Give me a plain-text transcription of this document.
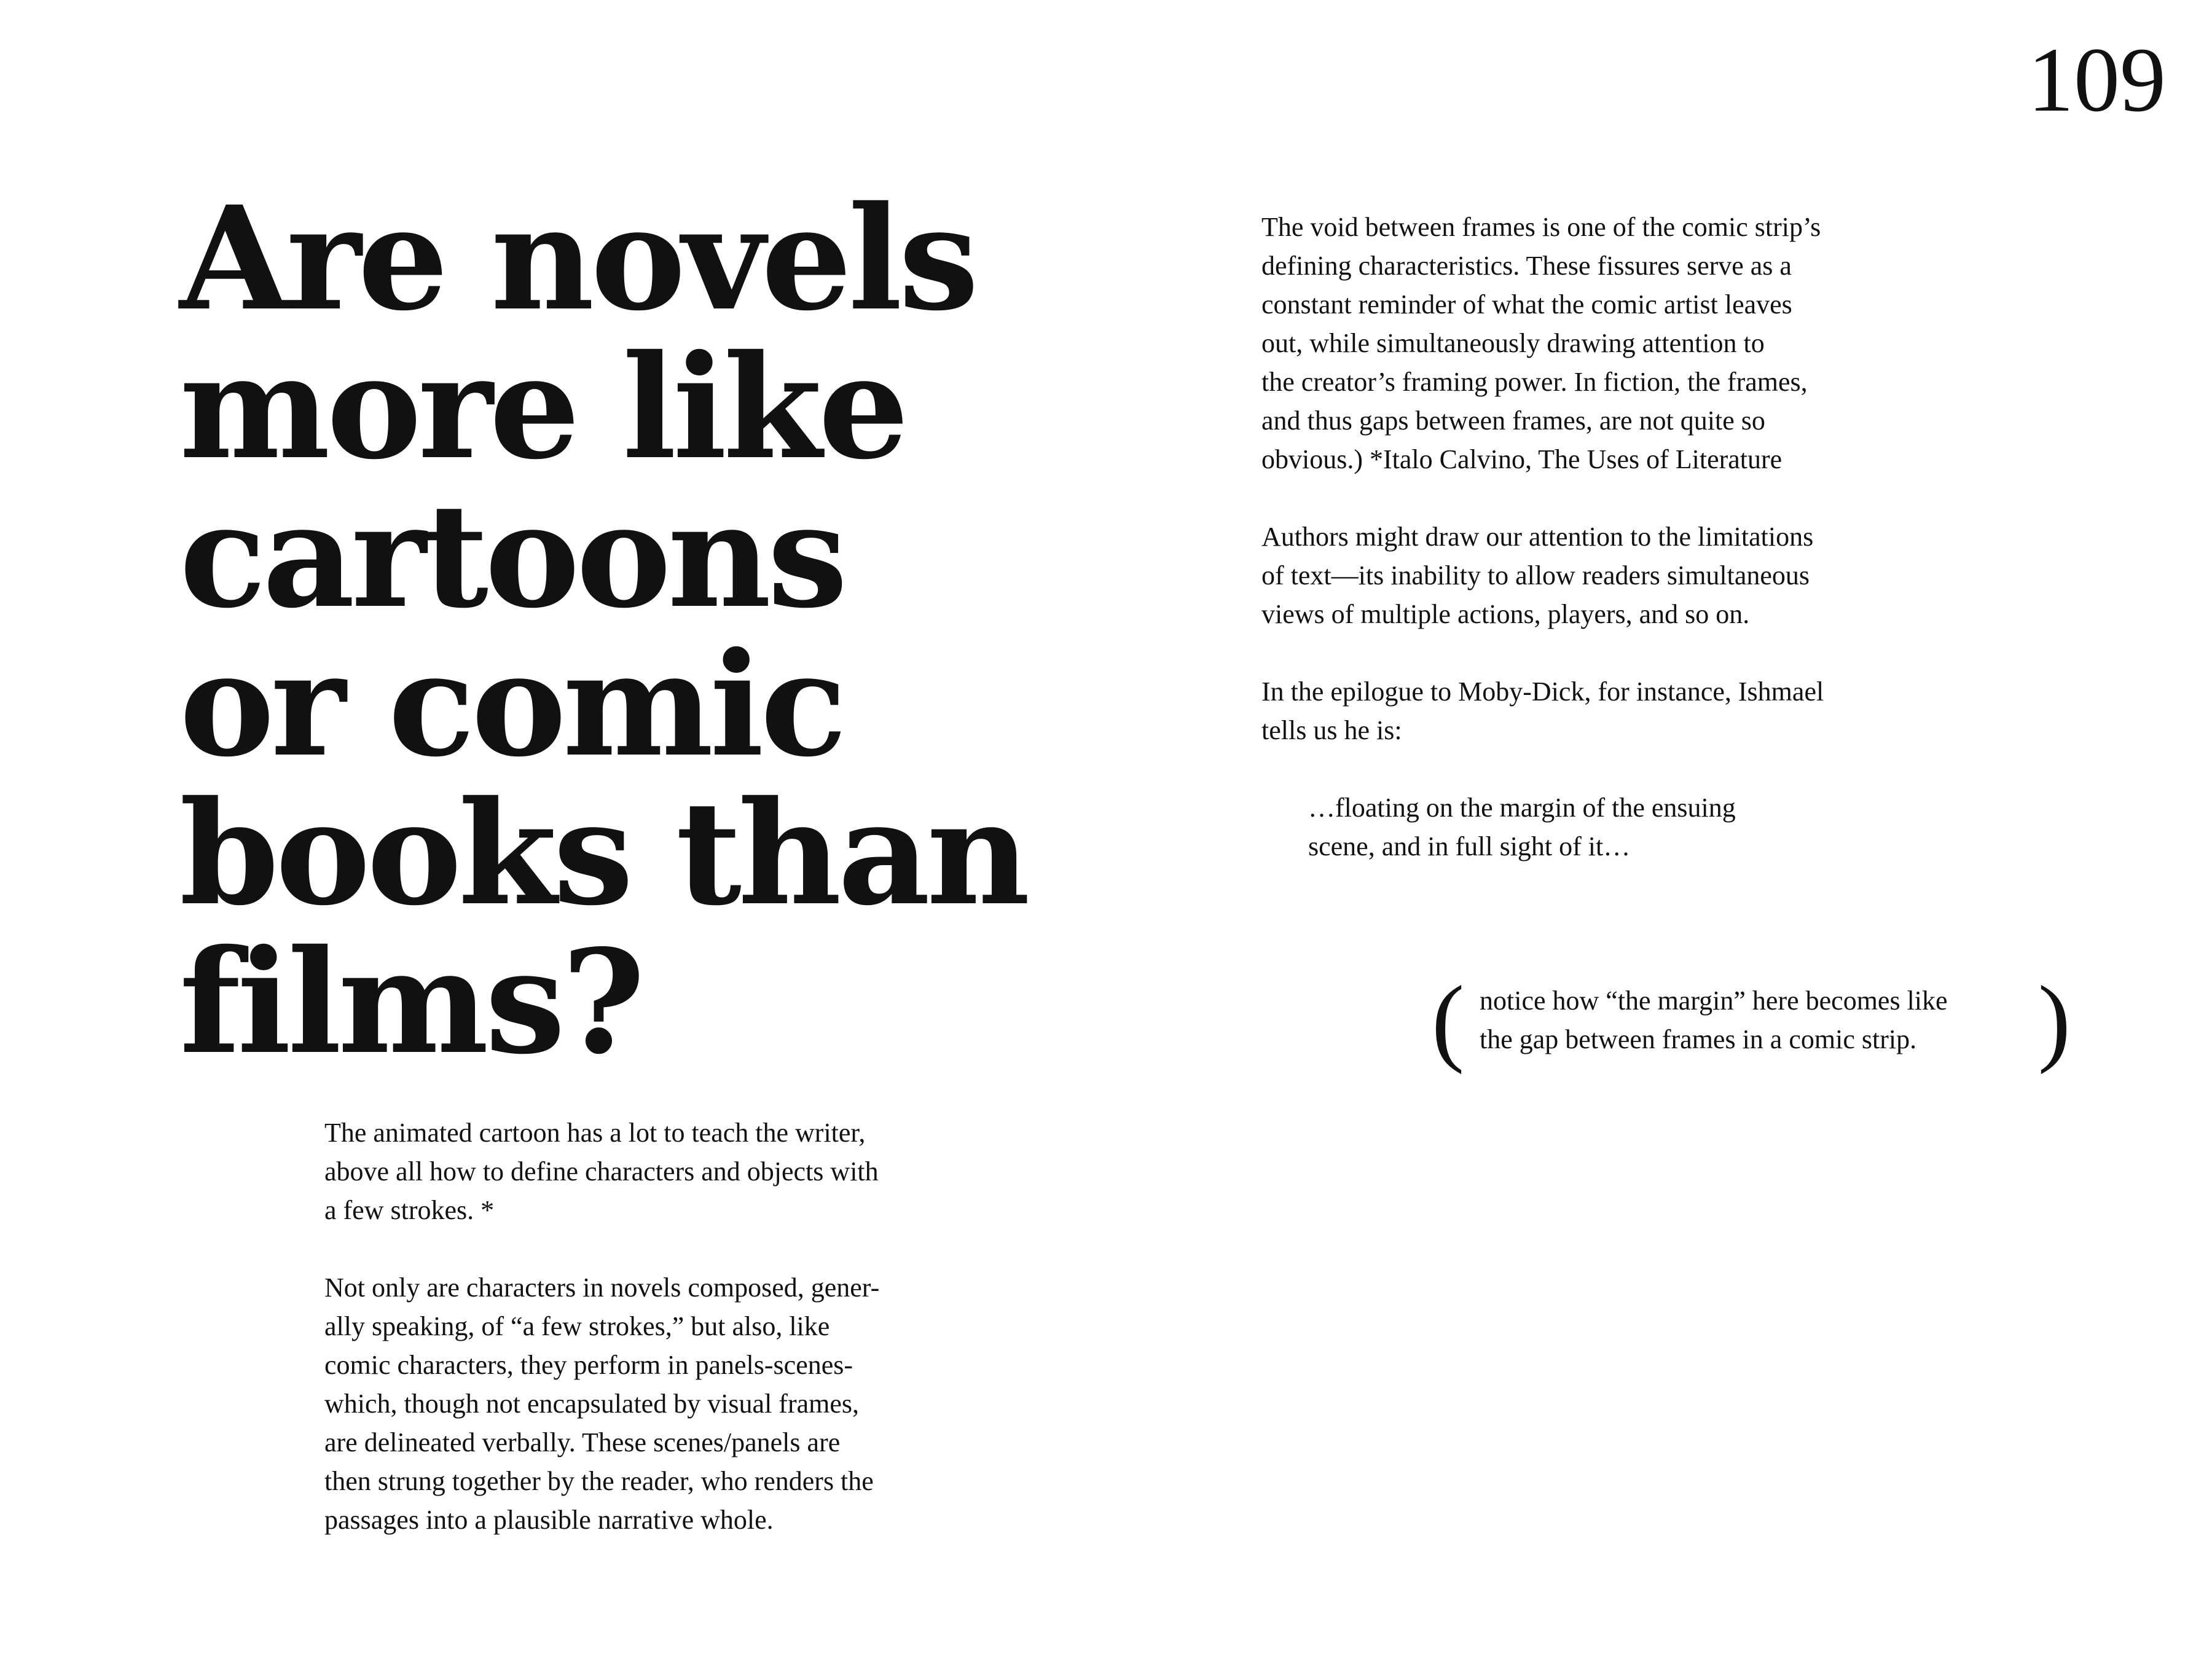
109
Are novels
more like
cartoons
or comic
books than
films?

The animated cartoon has a lot to teach the writer,
above all how to define characters and objects with
a few strokes. *

Not only are characters in novels composed, gener-
ally speaking, of “a few strokes,” but also, like
comic characters, they perform in panels-scenes-
which, though not encapsulated by visual frames,
are delineated verbally. These scenes/panels are
then strung together by the reader, who renders the
passages into a plausible narrative whole.

The void between frames is one of the comic strip’s
defining characteristics. These fissures serve as a
constant reminder of what the comic artist leaves
out, while simultaneously drawing attention to
the creator’s framing power. In fiction, the frames,
and thus gaps between frames, are not quite so
obvious.) *Italo Calvino, The Uses of Literature

Authors might draw our attention to the limitations
of text—its inability to allow readers simultaneous
views of multiple actions, players, and so on.

In the epilogue to Moby-Dick, for instance, Ishmael
tells us he is:

…floating on the margin of the ensuing
scene, and in full sight of it…
( notice how “the margin” here becomes like
the gap between frames in a comic strip.	)
